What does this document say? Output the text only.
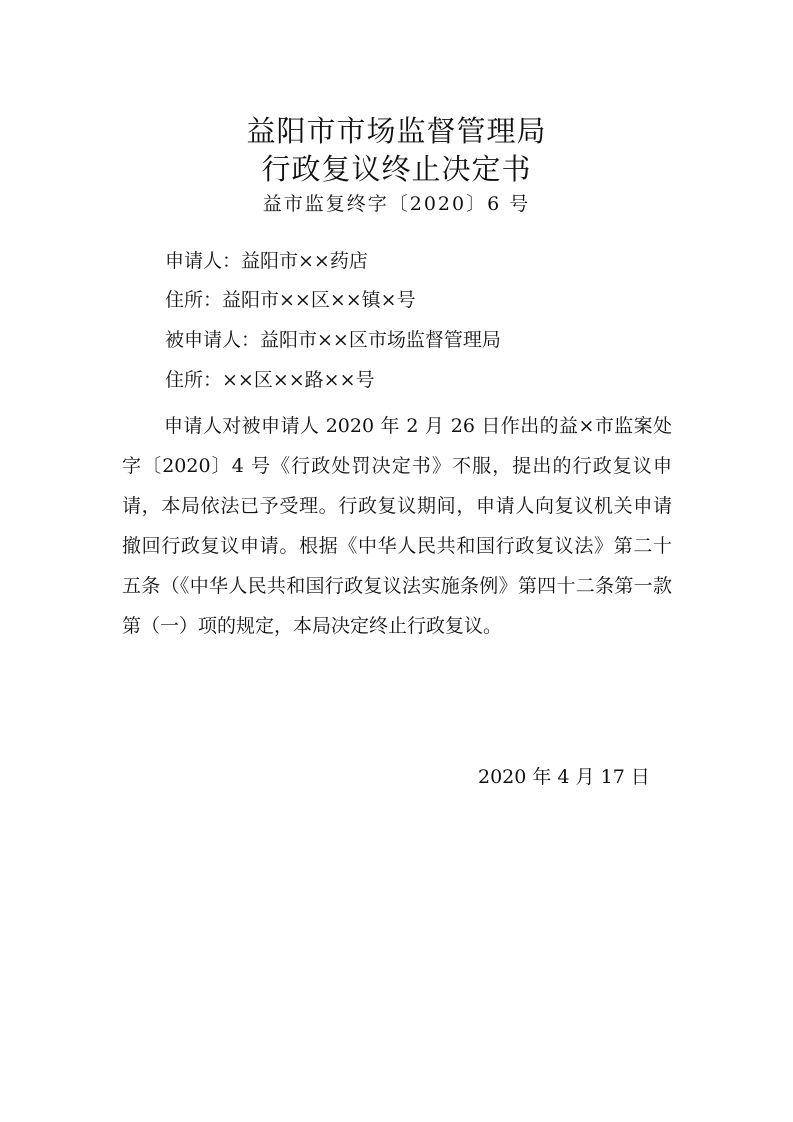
益阳市市场监督管理局
行政复议终止决定书
益市监复终字〔2020〕6 号
申请人：益阳市××药店
住所：益阳市××区××镇×号
被申请人：益阳市××区市场监督管理局
住所：××区××路××号

申请人对被申请人 2020 年 2 月 26 日作出的益×市监案处字〔2020〕4 号《行政处罚决定书》不服，提出的行政复议申请，本局依法已予受理。行政复议期间，申请人向复议机关申请撤回行政复议申请。根据《中华人民共和国行政复议法》第二十五条（《中华人民共和国行政复议法实施条例》第四十二条第一款第（一）项的规定，本局决定终止行政复议。

2020 年 4 月 17 日
